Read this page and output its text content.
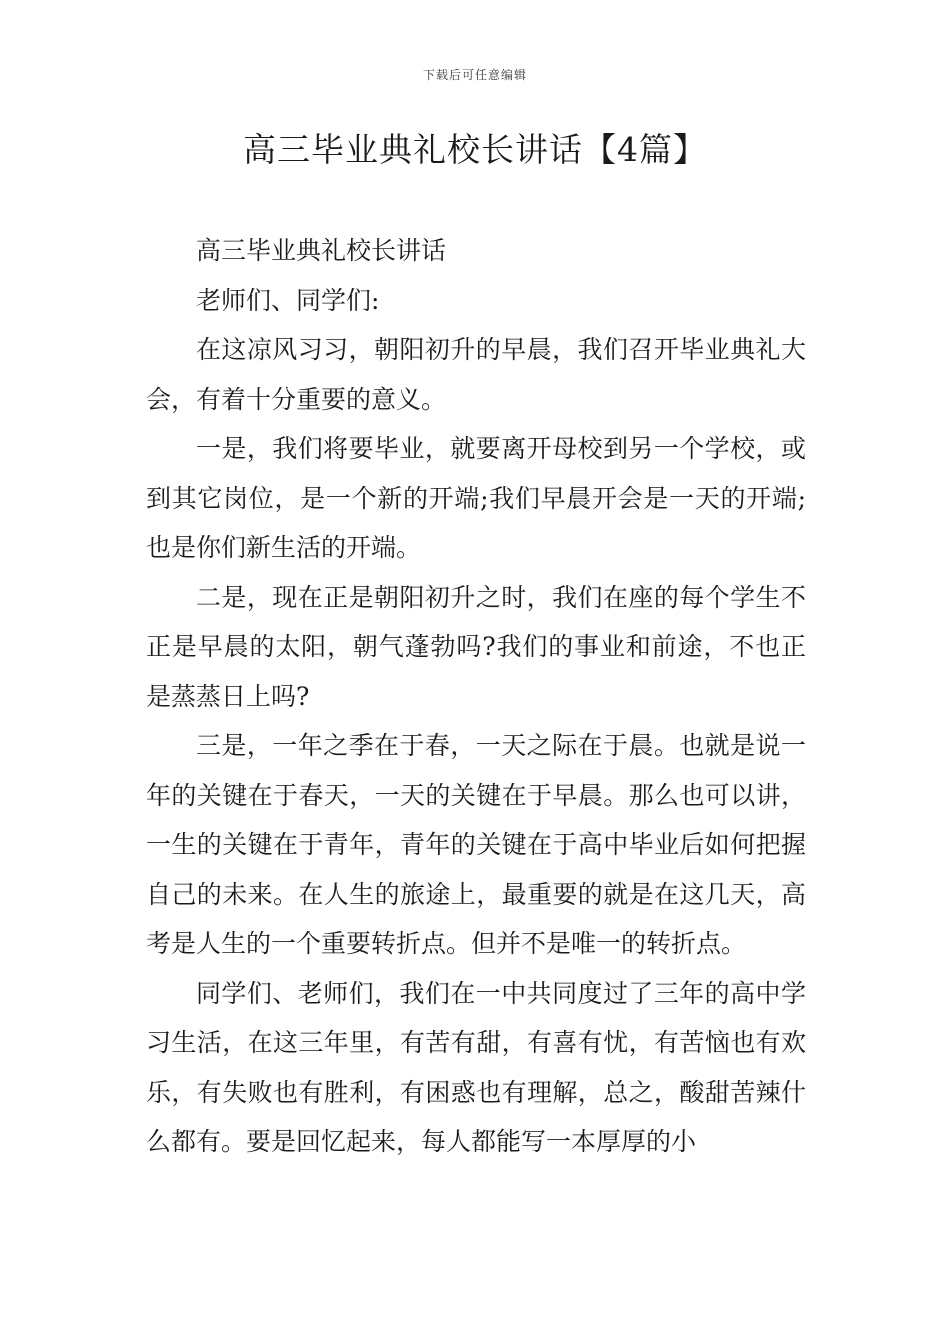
下载后可任意编辑
高三毕业典礼校长讲话【4篇】

高三毕业典礼校长讲话

老师们、同学们:

在这凉风习习，朝阳初升的早晨，我们召开毕业典礼大会，有着十分重要的意义。

一是，我们将要毕业，就要离开母校到另一个学校，或到其它岗位，是一个新的开端;我们早晨开会是一天的开端;也是你们新生活的开端。

二是，现在正是朝阳初升之时，我们在座的每个学生不正是早晨的太阳，朝气蓬勃吗?我们的事业和前途，不也正是蒸蒸日上吗?

三是，一年之季在于春，一天之际在于晨。也就是说一年的关键在于春天，一天的关键在于早晨。那么也可以讲，一生的关键在于青年，青年的关键在于高中毕业后如何把握自己的未来。在人生的旅途上，最重要的就是在这几天，高考是人生的一个重要转折点。但并不是唯一的转折点。

同学们、老师们，我们在一中共同度过了三年的高中学习生活，在这三年里，有苦有甜，有喜有忧，有苦恼也有欢乐，有失败也有胜利，有困惑也有理解，总之，酸甜苦辣什么都有。要是回忆起来，每人都能写一本厚厚的小
